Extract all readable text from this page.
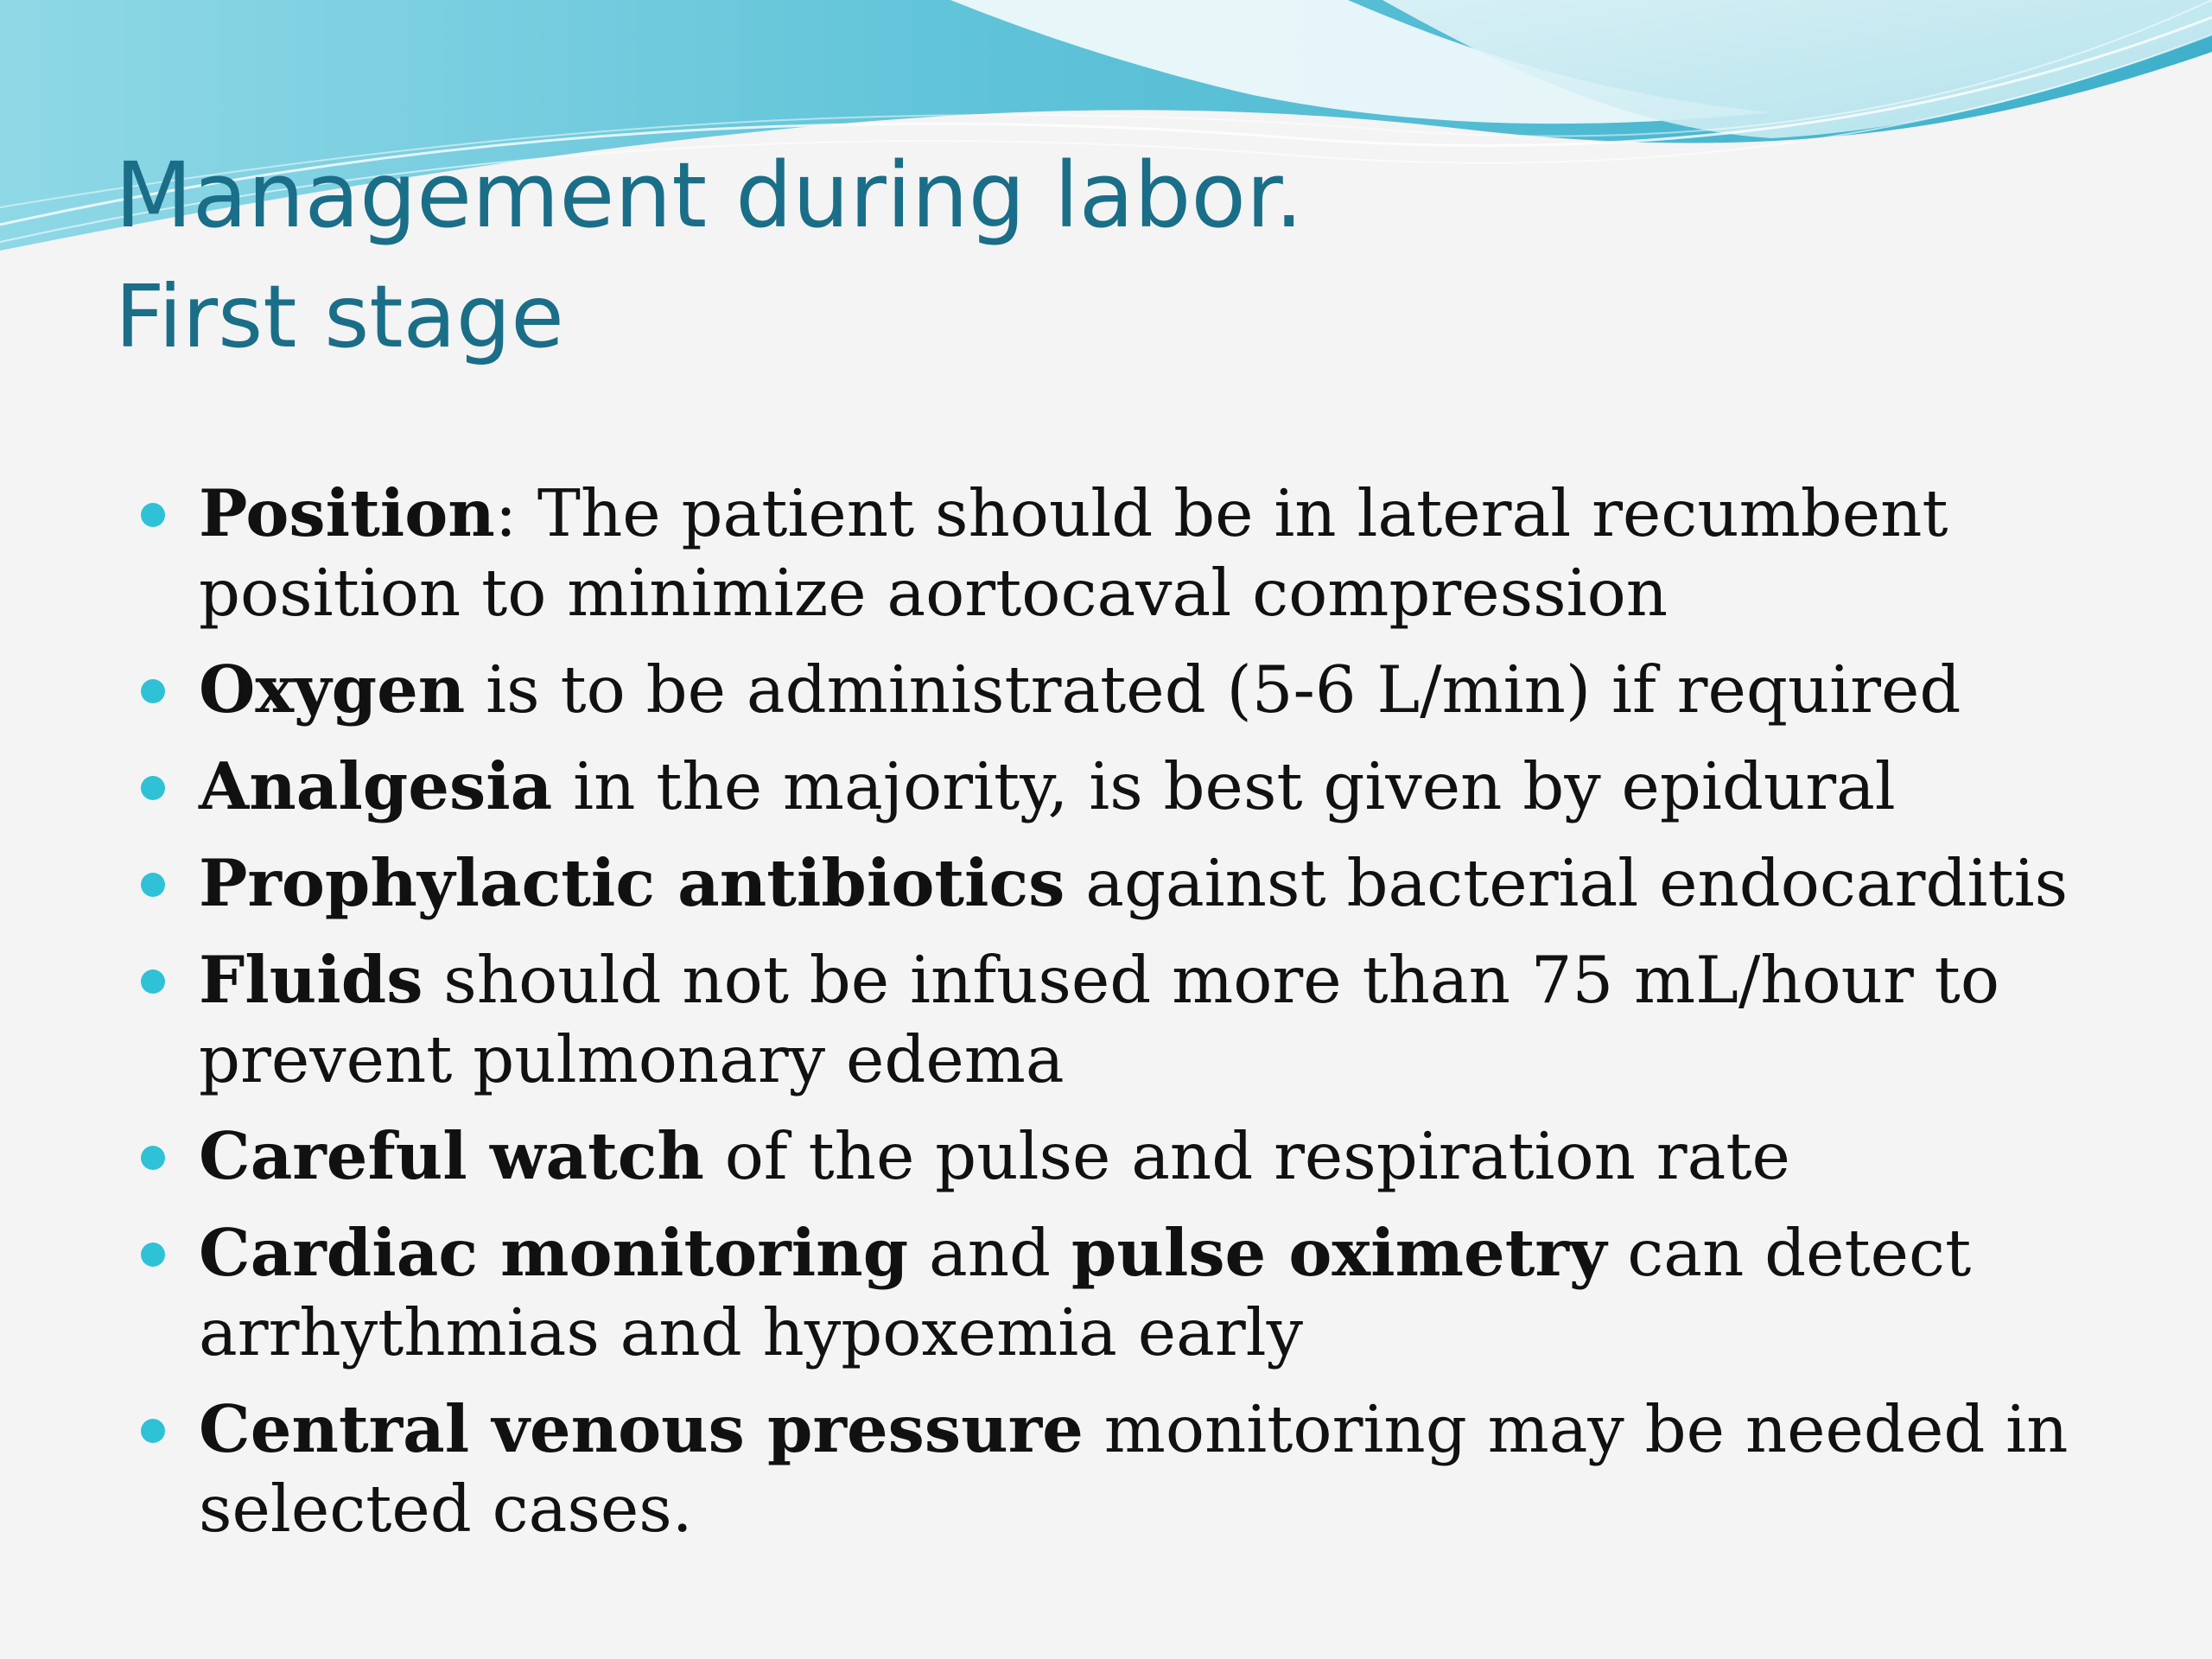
Management during labor.

First stage

Position: The patient should be in lateral recumbent position to minimize aortocaval compression
Oxygen is to be administrated (5-6 L/min) if required
Analgesia in the majority, is best given by epidural
Prophylactic antibiotics against bacterial endocarditis
Fluids should not be infused more than 75 mL/hour to prevent pulmonary edema
Careful watch of the pulse and respiration rate
Cardiac monitoring and pulse oximetry can detect arrhythmias and hypoxemia early
Central venous pressure monitoring may be needed in selected cases.
